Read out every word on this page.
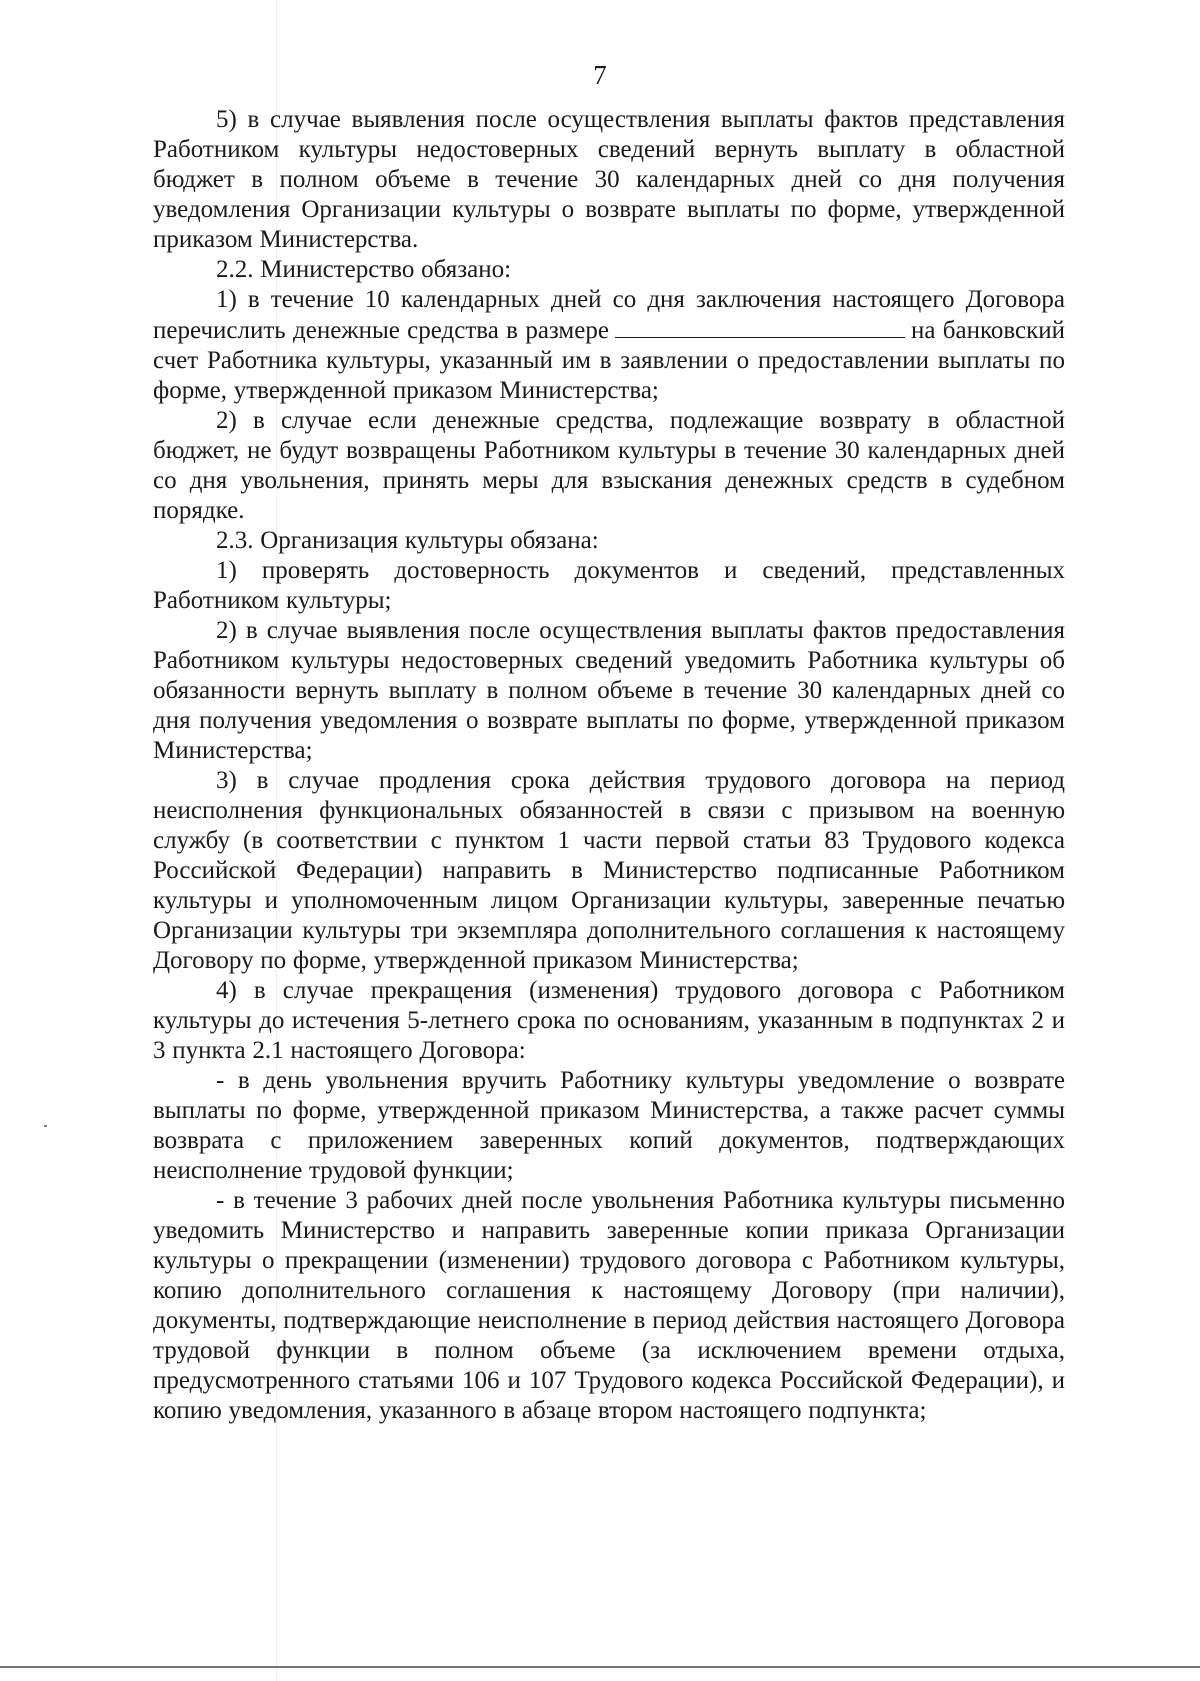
7

5) в случае выявления после осуществления выплаты фактов представления Работником культуры недостоверных сведений вернуть выплату в областной бюджет в полном объеме в течение 30 календарных дней со дня получения уведомления Организации культуры о возврате выплаты по форме, утвержденной приказом Министерства.

2.2. Министерство обязано:

1) в течение 10 календарных дней со дня заключения настоящего Договора перечислить денежные средства в размере	на банковский счет Работника культуры, указанный им в заявлении о предоставлении выплаты по форме, утвержденной приказом Министерства;

2) в случае если денежные средства, подлежащие возврату в областной бюджет, не будут возвращены Работником культуры в течение 30 календарных дней со дня увольнения, принять меры для взыскания денежных средств в судебном порядке.

2.3. Организация культуры обязана:

1) проверять достоверность документов и сведений, представленных Работником культуры;

2) в случае выявления после осуществления выплаты фактов предоставления Работником культуры недостоверных сведений уведомить Работника культуры об обязанности вернуть выплату в полном объеме в течение 30 календарных дней со дня получения уведомления о возврате выплаты по форме, утвержденной приказом Министерства;

3) в случае продления срока действия трудового договора на период неисполнения функциональных обязанностей в связи с призывом на военную службу (в соответствии с пунктом 1 части первой статьи 83 Трудового кодекса Российской Федерации) направить в Министерство подписанные Работником культуры и уполномоченным лицом Организации культуры, заверенные печатью Организации культуры три экземпляра дополнительного соглашения к настоящему Договору по форме, утвержденной приказом Министерства;

4) в случае прекращения (изменения) трудового договора с Работником культуры до истечения 5-летнего срока по основаниям, указанным в подпунктах 2 и 3 пункта 2.1 настоящего Договора:

- в день увольнения вручить Работнику культуры уведомление о возврате выплаты по форме, утвержденной приказом Министерства, а также расчет суммы возврата с приложением заверенных копий документов, подтверждающих неисполнение трудовой функции;

- в течение 3 рабочих дней после увольнения Работника культуры письменно уведомить Министерство и направить заверенные копии приказа Организации культуры о прекращении (изменении) трудового договора с Работником культуры, копию дополнительного соглашения к настоящему Договору (при наличии), документы, подтверждающие неисполнение в период действия настоящего Договора трудовой функции в полном объеме (за исключением времени отдыха, предусмотренного статьями 106 и 107 Трудового кодекса Российской Федерации), и копию уведомления, указанного в абзаце втором настоящего подпункта;
